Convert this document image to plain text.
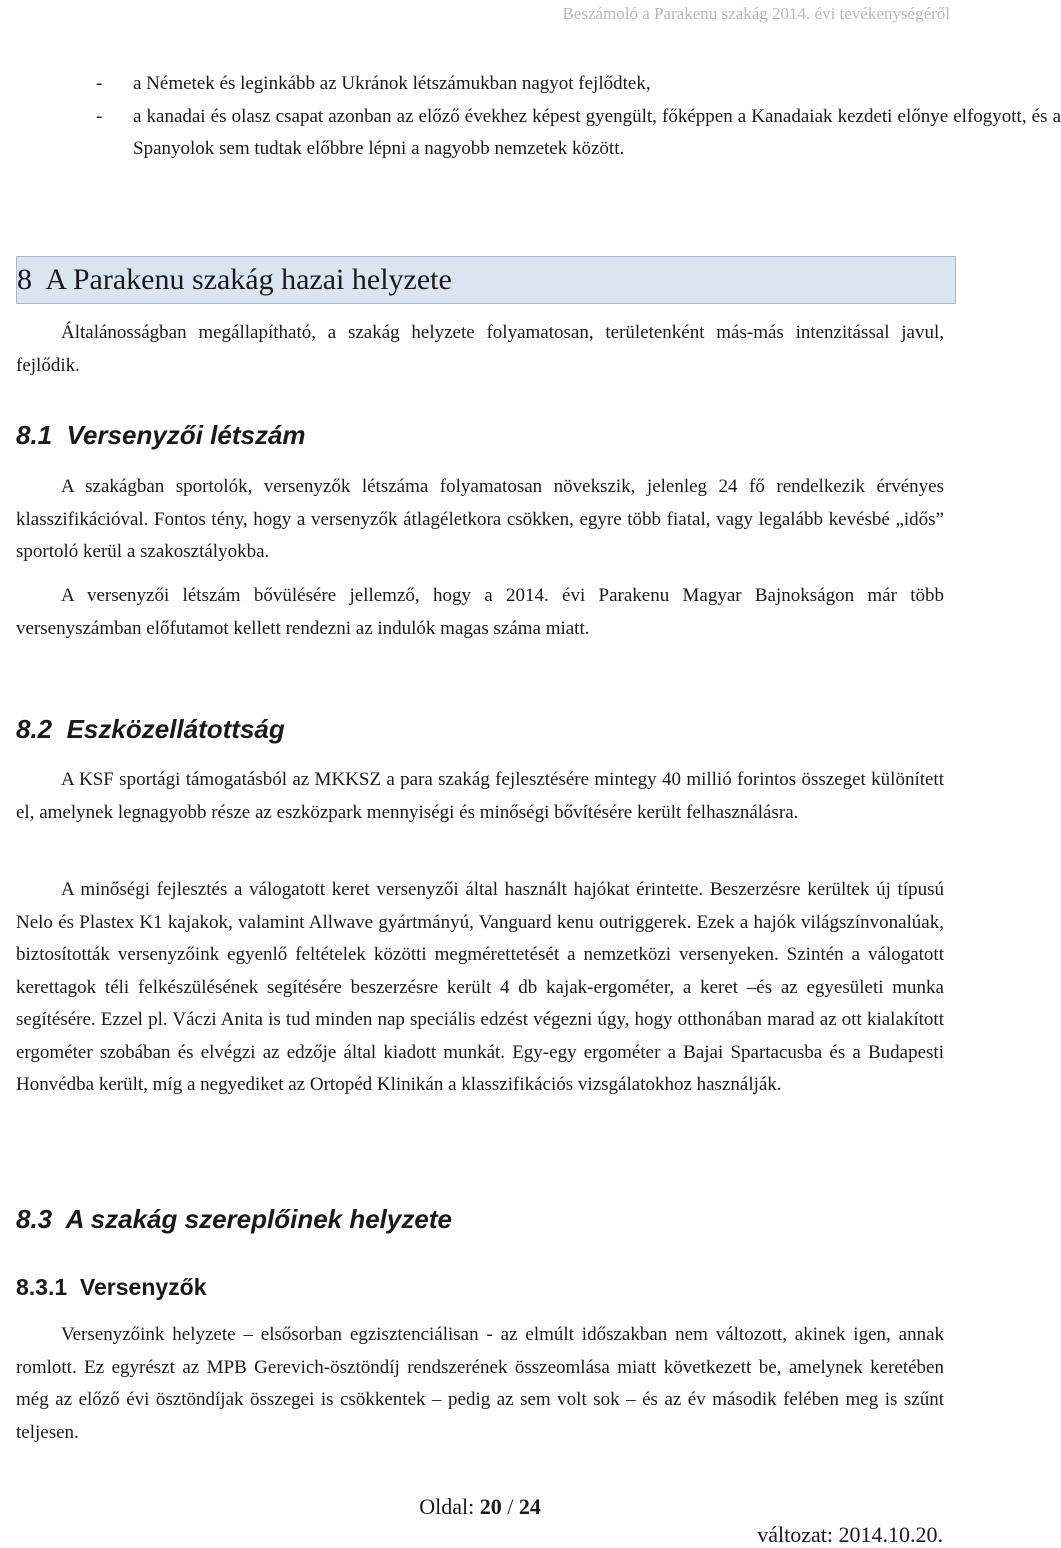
Beszámoló a Parakenu szakág 2014. évi tevékenységéről
- a Németek és leginkább az Ukránok létszámukban nagyot fejlődtek,
- a kanadai és olasz csapat azonban az előző évekhez képest gyengült, főképpen a Kanadaiak kezdeti előnye elfogyott, és a Spanyolok sem tudtak előbbre lépni a nagyobb nemzetek között.
8  A Parakenu szakág hazai helyzete
Általánosságban megállapítható, a szakág helyzete folyamatosan, területenként más-más intenzitással javul, fejlődik.
8.1  Versenyzői létszám
A szakágban sportolók, versenyzők létszáma folyamatosan növekszik, jelenleg 24 fő rendelkezik érvényes klasszifikációval. Fontos tény, hogy a versenyzők átlagéletkora csökken, egyre több fiatal, vagy legalább kevésbé „idős” sportoló kerül a szakosztályokba.
A versenyzői létszám bővülésére jellemző, hogy a 2014. évi Parakenu Magyar Bajnokságon már több versenyszámban előfutamot kellett rendezni az indulók magas száma miatt.
8.2  Eszközellátottság
A KSF sportági támogatásból az MKKSZ a para szakág fejlesztésére mintegy 40 millió forintos összeget különített el, amelynek legnagyobb része az eszközpark mennyiségi és minőségi bővítésére került felhasználásra.
A minőségi fejlesztés a válogatott keret versenyzői által használt hajókat érintette. Beszerzésre kerültek új típusú Nelo és Plastex K1 kajakok, valamint Allwave gyártmányú, Vanguard kenu outriggerek. Ezek a hajók világszínvonalúak, biztosították versenyzőink egyenlő feltételek közötti megmérettetését a nemzetközi versenyeken. Szintén a válogatott kerettagok téli felkészülésének segítésére beszerzésre került 4 db kajak-ergométer, a keret –és az egyesületi munka segítésére. Ezzel pl. Váczi Anita is tud minden nap speciális edzést végezni úgy, hogy otthonában marad az ott kialakított ergométer szobában és elvégzi az edzője által kiadott munkát. Egy-egy ergométer a Bajai Spartacusba és a Budapesti Honvédba került, míg a negyediket az Ortopéd Klinikán a klasszifikációs vizsgálatokhoz használják.
8.3  A szakág szereplőinek helyzete
8.3.1  Versenyzők
Versenyzőink helyzete – elsősorban egzisztenciálisan - az elmúlt időszakban nem változott, akinek igen, annak romlott. Ez egyrészt az MPB Gerevich-ösztöndíj rendszerének összeomlása miatt következett be, amelynek keretében még az előző évi ösztöndíjak összegei is csökkentek – pedig az sem volt sok – és az év második felében meg is szűnt teljesen.
Oldal: 20 / 24
változat: 2014.10.20.
